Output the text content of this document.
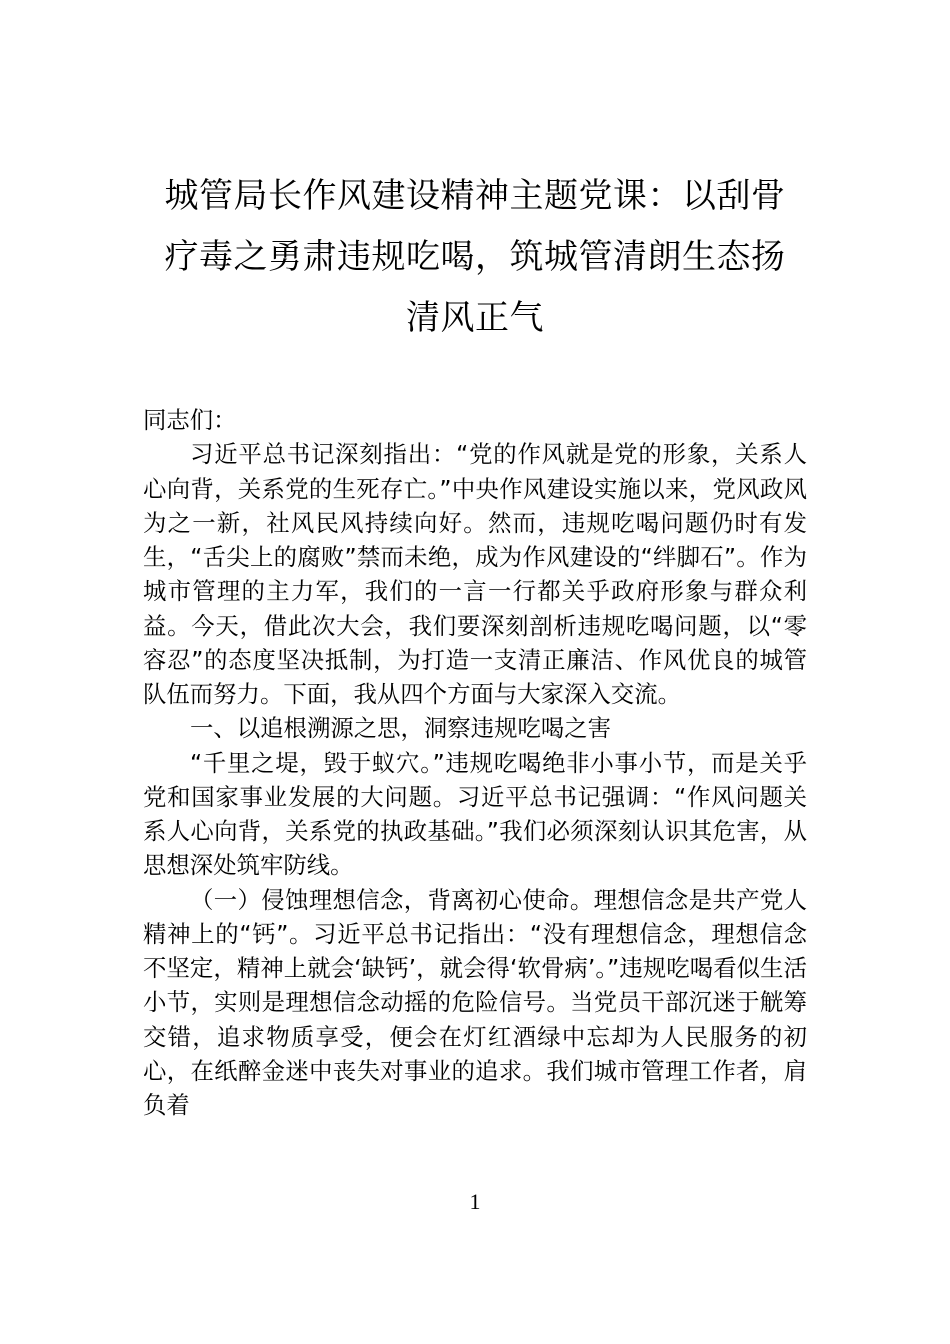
城管局长作风建设精神主题党课：以刮骨
疗毒之勇肃违规吃喝，筑城管清朗生态扬
清风正气

同志们：

习近平总书记深刻指出：“党的作风就是党的形象，关系人心向背，关系党的生死存亡。”中央作风建设实施以来，党风政风为之一新，社风民风持续向好。然而，违规吃喝问题仍时有发生，“舌尖上的腐败”禁而未绝，成为作风建设的“绊脚石”。作为城市管理的主力军，我们的一言一行都关乎政府形象与群众利益。今天，借此次大会，我们要深刻剖析违规吃喝问题，以“零容忍”的态度坚决抵制，为打造一支清正廉洁、作风优良的城管队伍而努力。下面，我从四个方面与大家深入交流。

一、以追根溯源之思，洞察违规吃喝之害

“千里之堤，毁于蚁穴。”违规吃喝绝非小事小节，而是关乎党和国家事业发展的大问题。习近平总书记强调：“作风问题关系人心向背，关系党的执政基础。”我们必须深刻认识其危害，从思想深处筑牢防线。

（一）侵蚀理想信念，背离初心使命。理想信念是共产党人精神上的“钙”。习近平总书记指出：“没有理想信念，理想信念不坚定，精神上就会‘缺钙’，就会得‘软骨病’。”违规吃喝看似生活小节，实则是理想信念动摇的危险信号。当党员干部沉迷于觥筹交错，追求物质享受，便会在灯红酒绿中忘却为人民服务的初心，在纸醉金迷中丧失对事业的追求。我们城市管理工作者，肩负着

1
